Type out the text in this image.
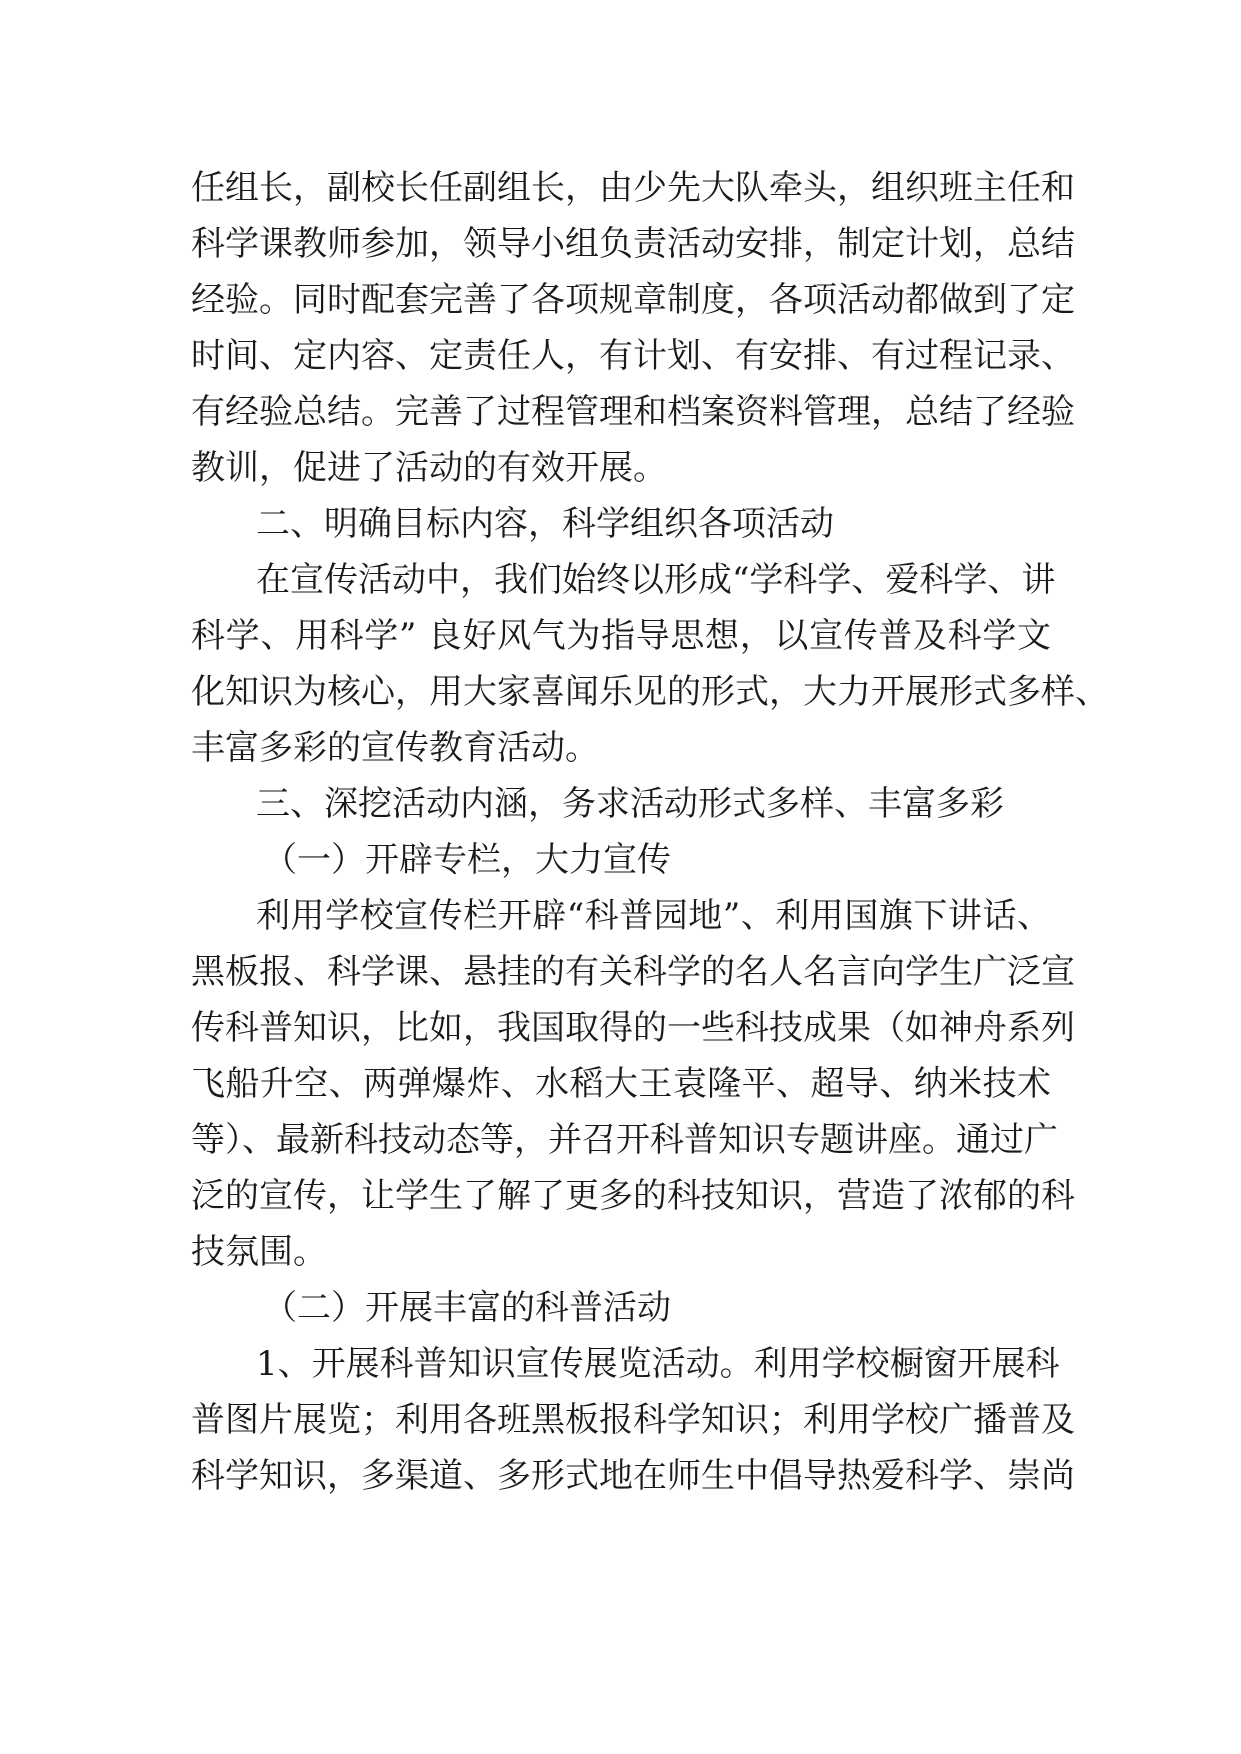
任组长，副校长任副组长，由少先大队牵头，组织班主任和
科学课教师参加，领导小组负责活动安排，制定计划，总结
经验。同时配套完善了各项规章制度，各项活动都做到了定
时间、定内容、定责任人，有计划、有安排、有过程记录、
有经验总结。完善了过程管理和档案资料管理，总结了经验
教训，促进了活动的有效开展。
二、明确目标内容，科学组织各项活动
在宣传活动中，我们始终以形成“学科学、爱科学、讲
科学、用科学” 良好风气为指导思想，以宣传普及科学文
化知识为核心，用大家喜闻乐见的形式，大力开展形式多样、
丰富多彩的宣传教育活动。
三、深挖活动内涵，务求活动形式多样、丰富多彩
（一）开辟专栏，大力宣传
利用学校宣传栏开辟“科普园地”、利用国旗下讲话、
黑板报、科学课、悬挂的有关科学的名人名言向学生广泛宣
传科普知识，比如，我国取得的一些科技成果（如神舟系列
飞船升空、两弹爆炸、水稻大王袁隆平、超导、纳米技术
等）、最新科技动态等，并召开科普知识专题讲座。通过广
泛的宣传，让学生了解了更多的科技知识，营造了浓郁的科
技氛围。
（二）开展丰富的科普活动
1、开展科普知识宣传展览活动。利用学校橱窗开展科
普图片展览；利用各班黑板报科学知识；利用学校广播普及
科学知识，多渠道、多形式地在师生中倡导热爱科学、崇尚
